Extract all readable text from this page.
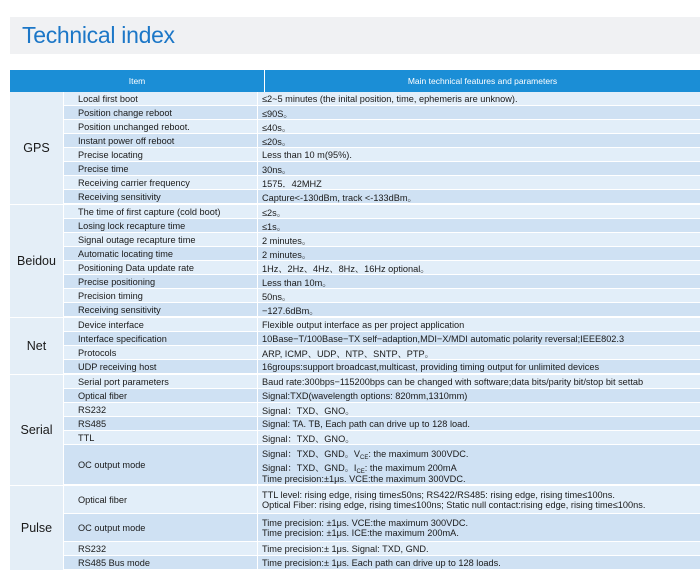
Technical index
Item	Main technical features and parameters
GPS
Local first boot	≤2~5 minutes (the inital position, time, ephemeris are unknow).
Position change reboot	≤90S。
Position unchanged reboot.	≤40s。
Instant power off reboot	≤20s。
Precise locating	Less than 10 m(95%).
Precise time	30ns。
Receiving carrier frequency	1575．42MHZ
Receiving sensitivity	Capture<-130dBm, track <-133dBm。
Beidou
The time of first capture (cold boot)	≤2s。
Losing lock recapture time	≤1s。
Signal outage recapture time	2 minutes。
Automatic locating time	2 minutes。
Positioning Data update rate	1Hz、2Hz、4Hz、8Hz、16Hz optional。
Precise positioning	Less than 10m。
Precision timing	50ns。
Receiving sensitivity	−127.6dBm。
Net
Device interface	Flexible output interface as per project application
Interface specification	10Base−T/100Base−TX self−adaption,MDI−X/MDI automatic polarity reversal;IEEE802.3
Protocols	ARP, ICMP、UDP、NTP、SNTP、PTP。
UDP receiving host	16groups:support broadcast,multicast, providing timing output for unlimited devices
Serial
Serial port parameters	Baud rate:300bps−115200bps can be changed with software;data bits/parity bit/stop bit settab
Optical fiber	Signal:TXD(wavelength options: 820mm,1310mm)
RS232	Signal：TXD、GNO。
RS485	Signal: TA. TB, Each path can drive up to 128 load.
TTL	Signal：TXD、GNO。
OC output mode
Signal：TXD、GND。$V_{CE}$: the maximum 300VDC.
Signal：TXD、GND。$I_{CE}$: the maximum 200mA
Time precision:±1μs. VCE:the maximum 300VDC.
Pulse
Optical fiber	TTL level: rising edge, rising time≤50ns; RS422/RS485: rising edge, rising time≤100ns.
Optical Fiber: rising edge, rising time≤100ns; Static null contact:rising edge, rising time≤100ns.
OC output mode	Time precision: ±1μs. VCE:the maximum 300VDC.
Time precision: ±1μs. ICE:the maximum 200mA.
RS232	Time precision:± 1μs. Signal: TXD, GND.
RS485 Bus mode	Time precision:± 1μs. Each path can drive up to 128 loads.
